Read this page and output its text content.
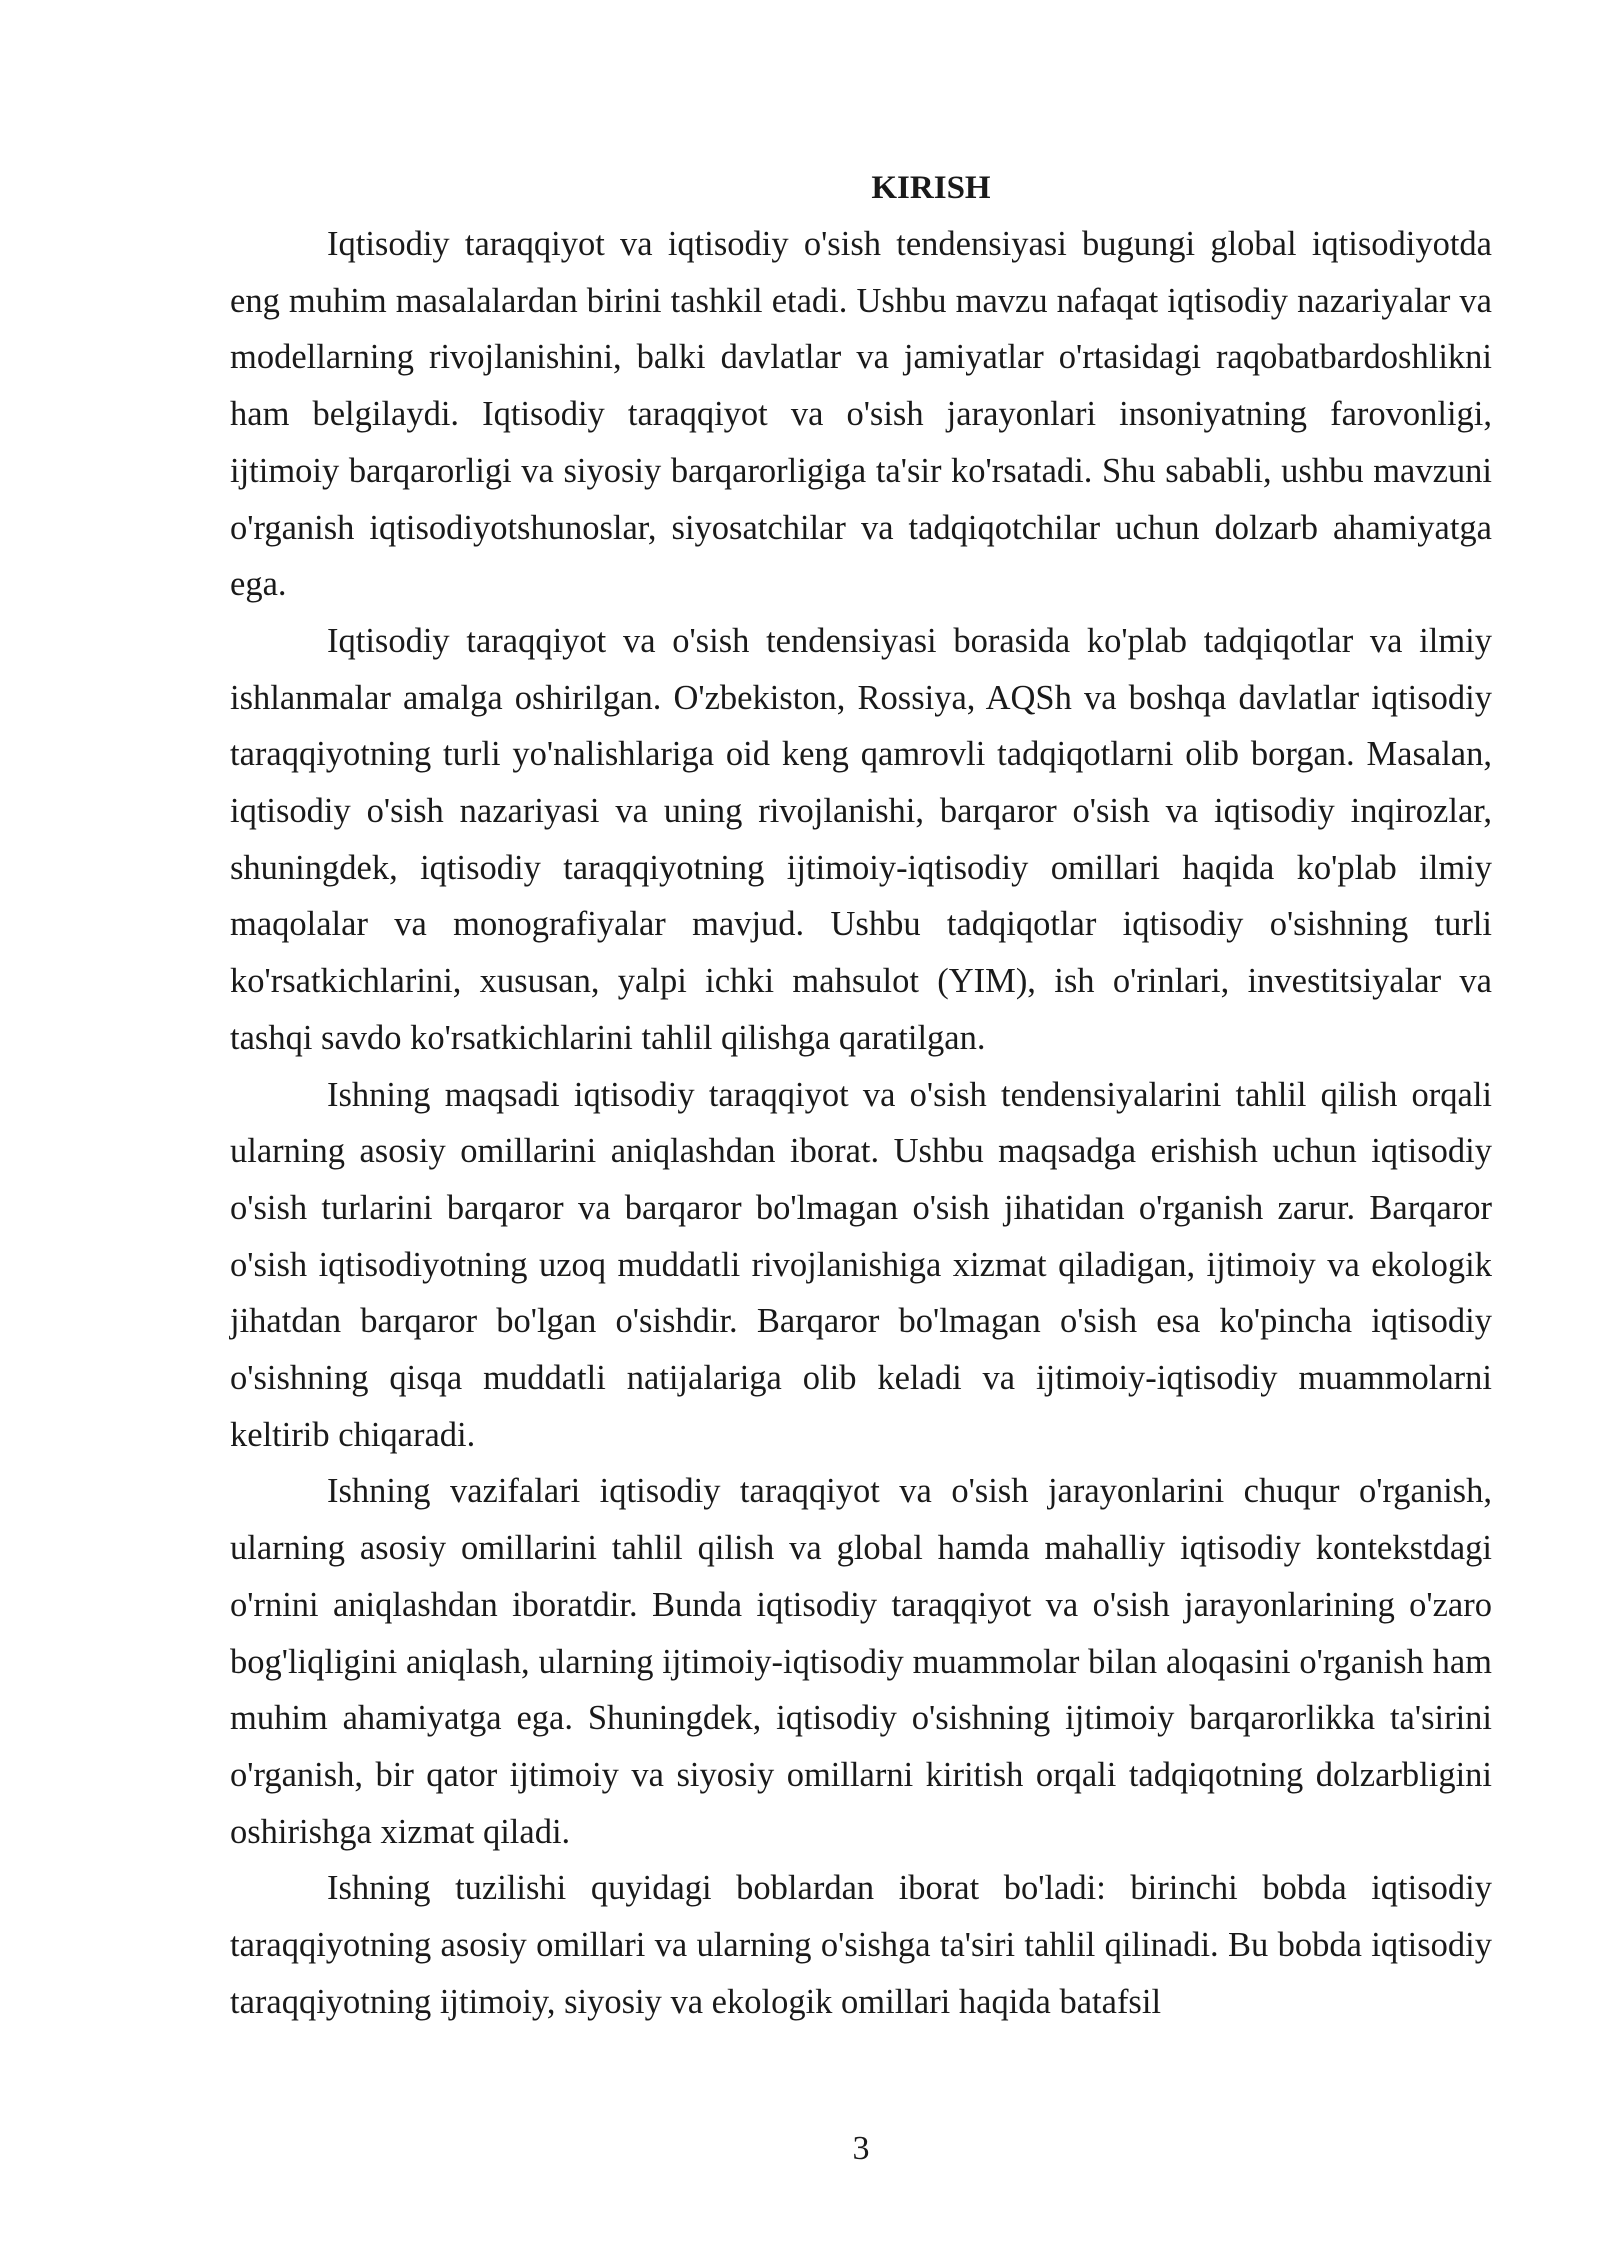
KIRISH

Iqtisodiy taraqqiyot va iqtisodiy o'sish tendensiyasi bugungi global iqtisodiyotda eng muhim masalalardan birini tashkil etadi. Ushbu mavzu nafaqat iqtisodiy nazariyalar va modellarning rivojlanishini, balki davlatlar va jamiyatlar o'rtasidagi raqobatbardoshlikni ham belgilaydi. Iqtisodiy taraqqiyot va o'sish jarayonlari insoniyatning farovonligi, ijtimoiy barqarorligi va siyosiy barqarorligiga ta'sir ko'rsatadi. Shu sababli, ushbu mavzuni o'rganish iqtisodiyotshunoslar, siyosatchilar va tadqiqotchilar uchun dolzarb ahamiyatga ega.

Iqtisodiy taraqqiyot va o'sish tendensiyasi borasida ko'plab tadqiqotlar va ilmiy ishlanmalar amalga oshirilgan. O'zbekiston, Rossiya, AQSh va boshqa davlatlar iqtisodiy taraqqiyotning turli yo'nalishlariga oid keng qamrovli tadqiqotlarni olib borgan. Masalan, iqtisodiy o'sish nazariyasi va uning rivojlanishi, barqaror o'sish va iqtisodiy inqirozlar, shuningdek, iqtisodiy taraqqiyotning ijtimoiy-iqtisodiy omillari haqida ko'plab ilmiy maqolalar va monografiyalar mavjud. Ushbu tadqiqotlar iqtisodiy o'sishning turli ko'rsatkichlarini, xususan, yalpi ichki mahsulot (YIM), ish o'rinlari, investitsiyalar va tashqi savdo ko'rsatkichlarini tahlil qilishga qaratilgan.

Ishning maqsadi iqtisodiy taraqqiyot va o'sish tendensiyalarini tahlil qilish orqali ularning asosiy omillarini aniqlashdan iborat. Ushbu maqsadga erishish uchun iqtisodiy o'sish turlarini barqaror va barqaror bo'lmagan o'sish jihatidan o'rganish zarur. Barqaror o'sish iqtisodiyotning uzoq muddatli rivojlanishiga xizmat qiladigan, ijtimoiy va ekologik jihatdan barqaror bo'lgan o'sishdir. Barqaror bo'lmagan o'sish esa ko'pincha iqtisodiy o'sishning qisqa muddatli natijalariga olib keladi va ijtimoiy-iqtisodiy muammolarni keltirib chiqaradi.

Ishning vazifalari iqtisodiy taraqqiyot va o'sish jarayonlarini chuqur o'rganish, ularning asosiy omillarini tahlil qilish va global hamda mahalliy iqtisodiy kontekstdagi o'rnini aniqlashdan iboratdir. Bunda iqtisodiy taraqqiyot va o'sish jarayonlarining o'zaro bog'liqligini aniqlash, ularning ijtimoiy-iqtisodiy muammolar bilan aloqasini o'rganish ham muhim ahamiyatga ega. Shuningdek, iqtisodiy o'sishning ijtimoiy barqarorlikka ta'sirini o'rganish, bir qator ijtimoiy va siyosiy omillarni kiritish orqali tadqiqotning dolzarbligini oshirishga xizmat qiladi.

Ishning tuzilishi quyidagi boblardan iborat bo'ladi: birinchi bobda iqtisodiy taraqqiyotning asosiy omillari va ularning o'sishga ta'siri tahlil qilinadi. Bu bobda iqtisodiy taraqqiyotning ijtimoiy, siyosiy va ekologik omillari haqida batafsil

3
